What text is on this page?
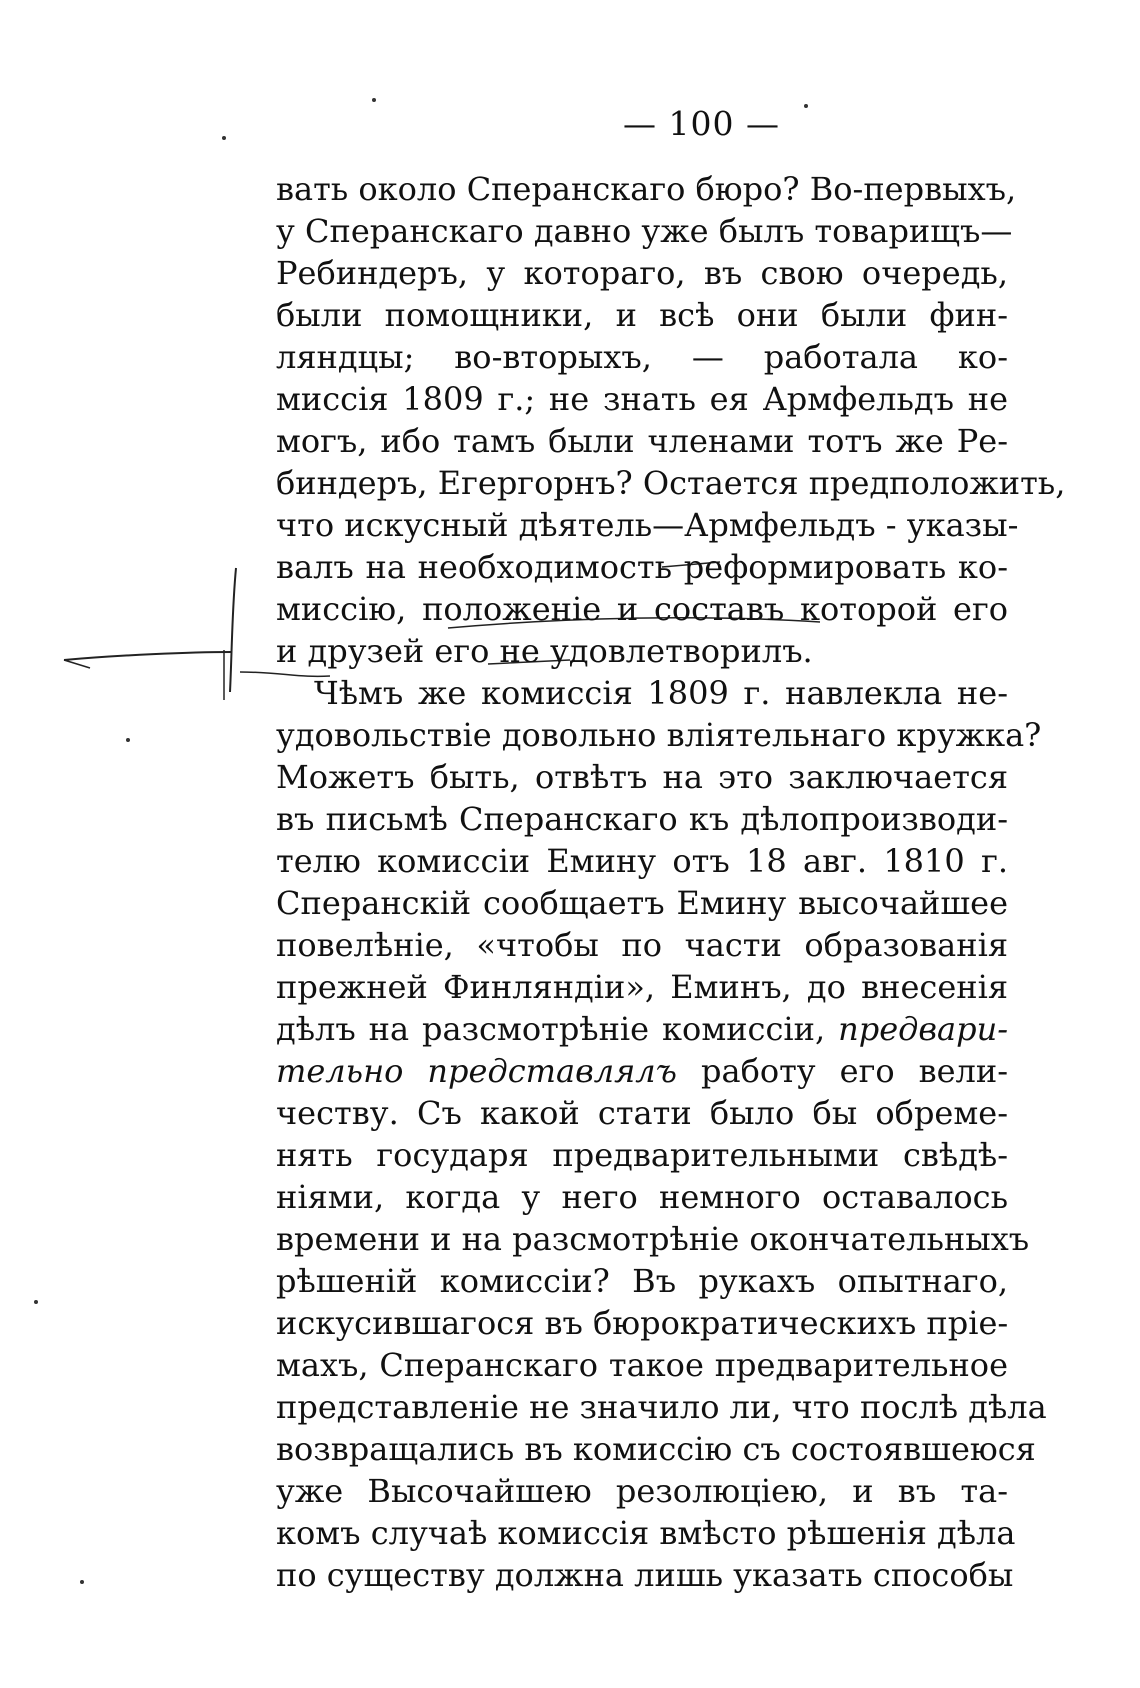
— 100 —
вать около Сперанскаго бюро? Во-первыхъ,
у Сперанскаго давно уже былъ товарищъ—
Ребиндеръ, у котораго, въ свою очередь,
были помощники, и всѣ они были фин-
ляндцы; во-вторыхъ, — работала ко-
миссія 1809 г.; не знать ея Армфельдъ не
могъ, ибо тамъ были членами тотъ же Ре-
биндеръ, Егергорнъ? Остается предположить,
что искусный дѣятель—Армфельдъ - указы-
валъ на необходимость реформировать ко-
миссію, положеніе и составъ которой его
и друзей его не удовлетворилъ.
Чѣмъ же комиссія 1809 г. навлекла не-
удовольствіе довольно вліятельнаго кружка?
Можетъ быть, отвѣтъ на это заключается
въ письмѣ Сперанскаго къ дѣлопроизводи-
телю комиссіи Емину отъ 18 авг. 1810 г.
Сперанскій сообщаетъ Емину высочайшее
повелѣніе, «чтобы по части образованія
прежней Финляндіи», Еминъ, до внесенія
дѣлъ на разсмотрѣніе комиссіи, предвари-
тельно представлялъ работу его вели-
честву. Съ какой стати было бы обреме-
нять государя предварительными свѣдѣ-
ніями, когда у него немного оставалось
времени и на разсмотрѣніе окончательныхъ
рѣшеній комиссіи? Въ рукахъ опытнаго,
искусившагося въ бюрократическихъ пріе-
махъ, Сперанскаго такое предварительное
представленіе не значило ли, что послѣ дѣла
возвращались въ комиссію съ состоявшеюся
уже Высочайшею резолюціею, и въ та-
комъ случаѣ комиссія вмѣсто рѣшенія дѣла
по существу должна лишь указать способы
